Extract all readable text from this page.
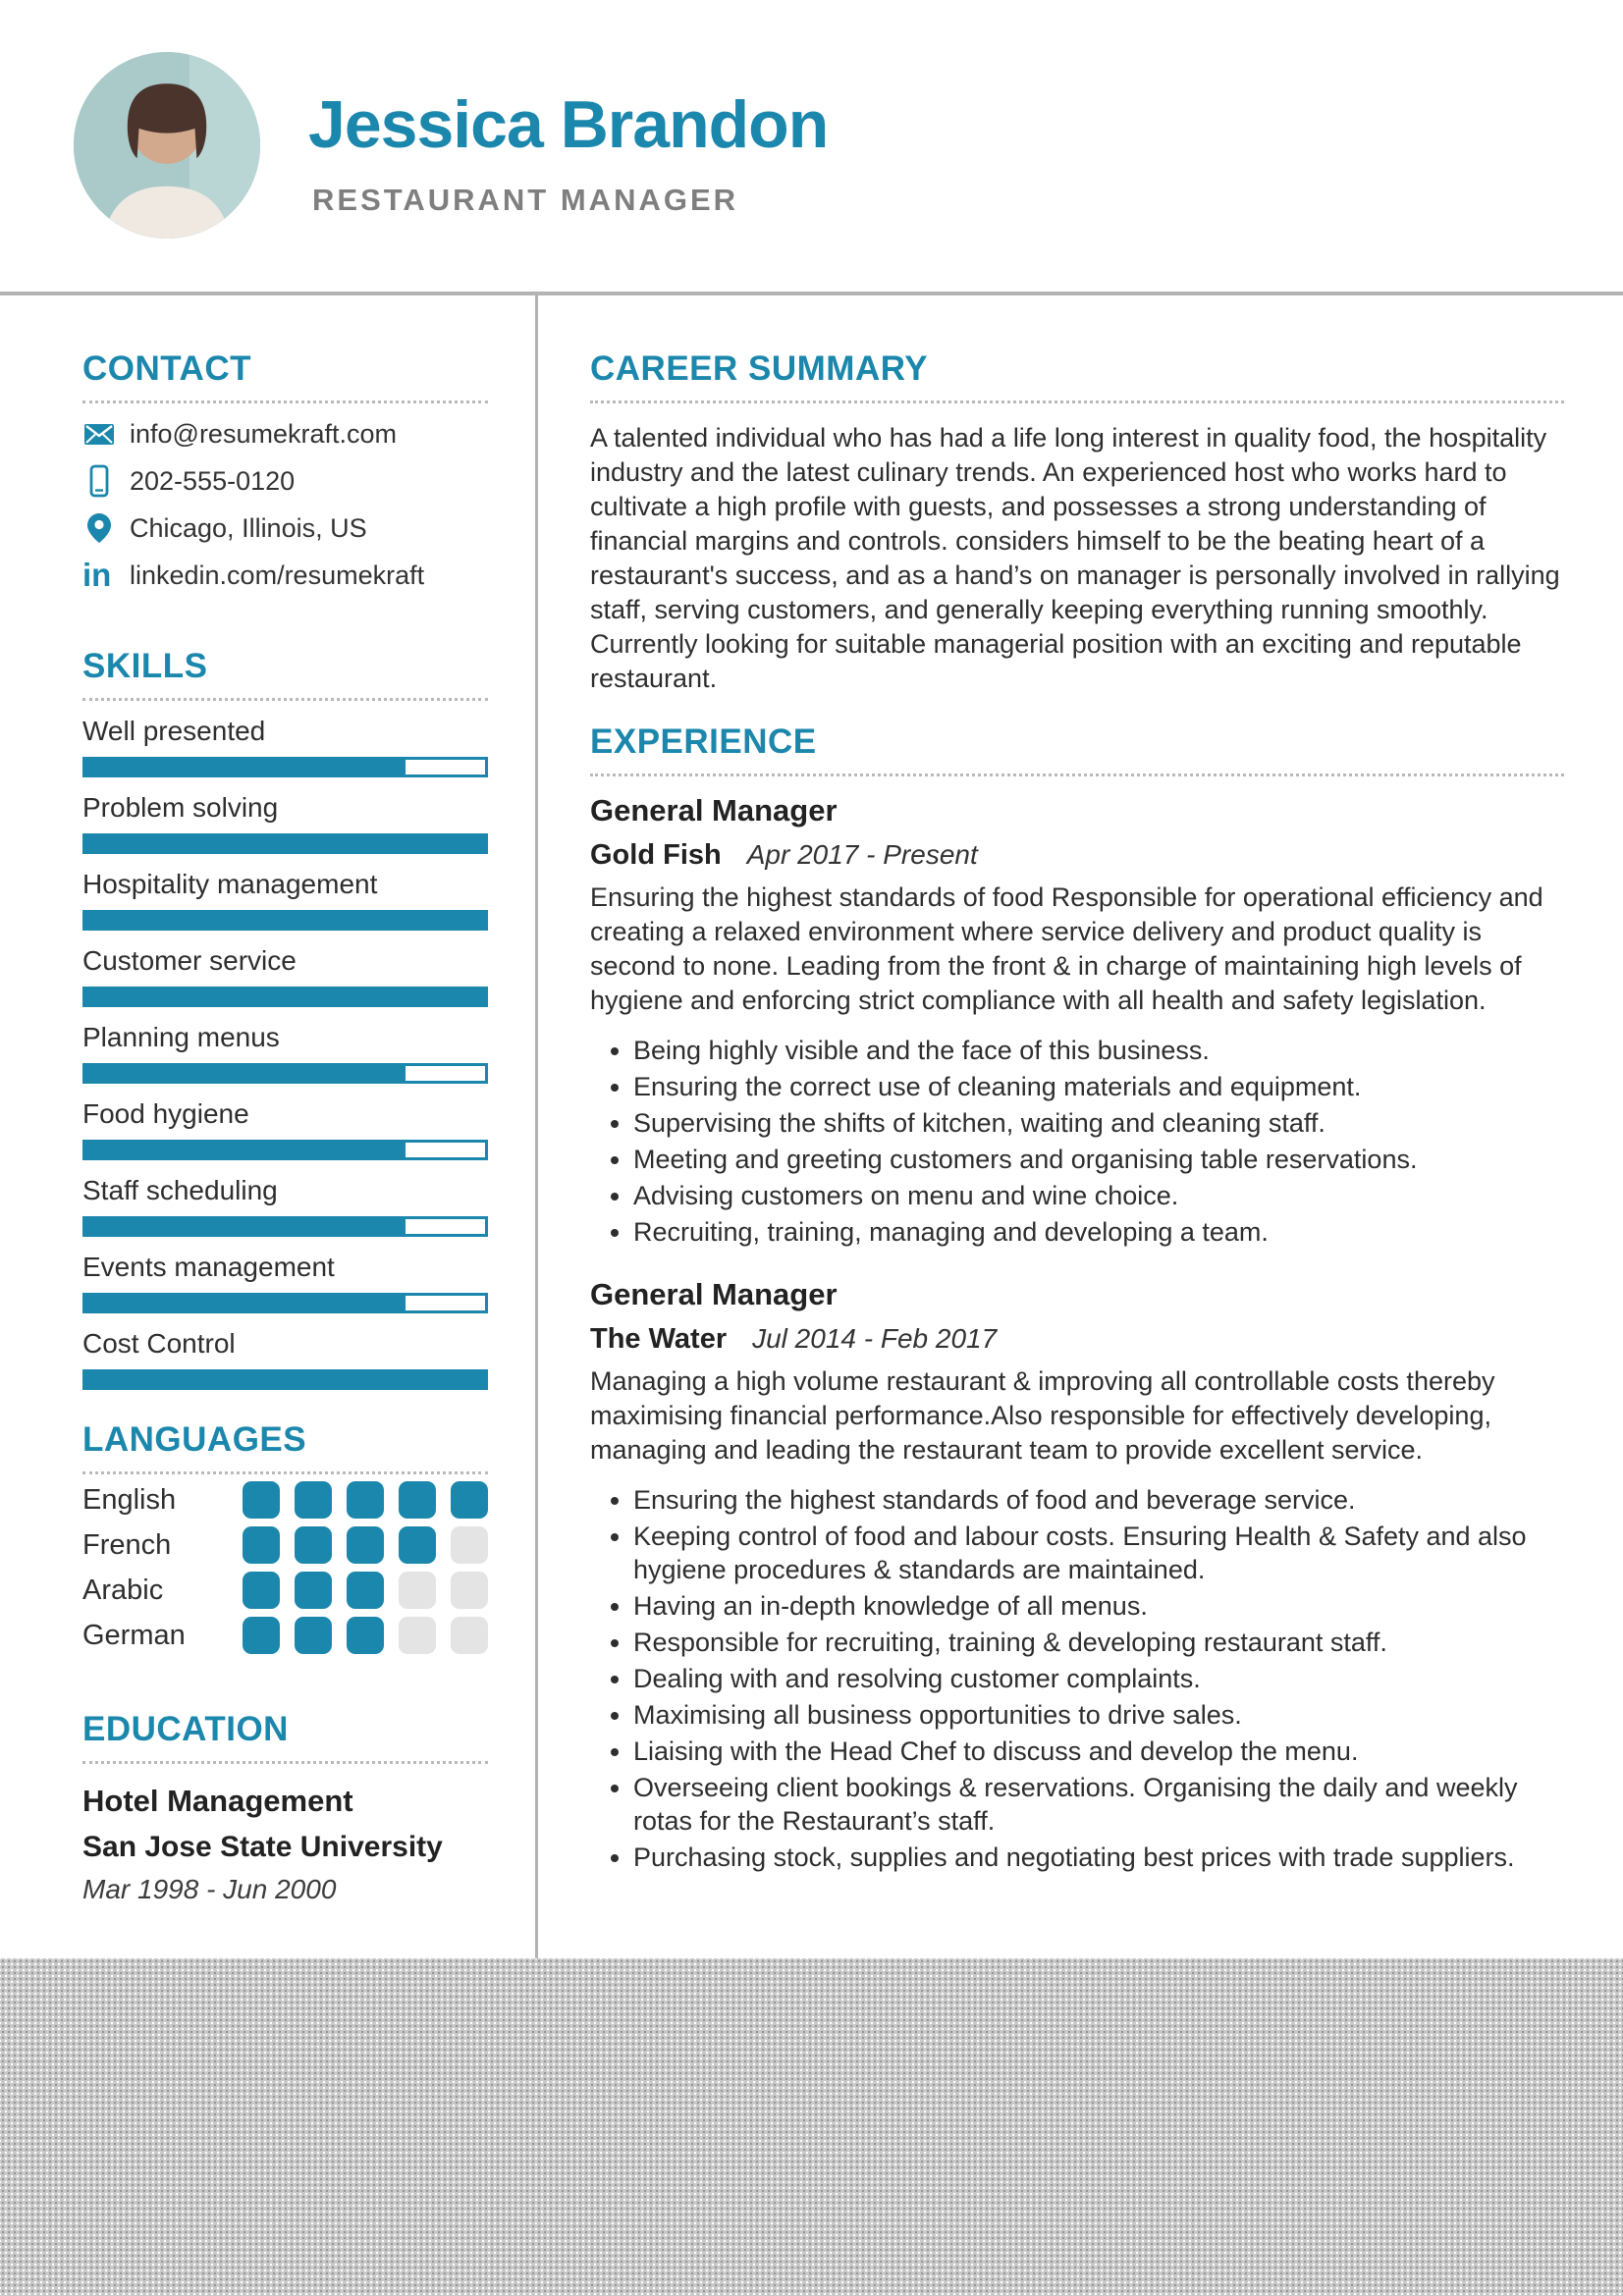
Jessica Brandon
RESTAURANT MANAGER
CONTACT
info@resumekraft.com
202-555-0120
Chicago, Illinois, US
in linkedin.com/resumekraft
SKILLS
Well presented
Problem solving
Hospitality management
Customer service
Planning menus
Food hygiene
Staff scheduling
Events management
Cost Control
LANGUAGES
English
French
Arabic
German
EDUCATION
Hotel Management
San Jose State University
Mar 1998 - Jun 2000
CAREER SUMMARY
A talented individual who has had a life long interest in quality food, the hospitality industry and the latest culinary trends. An experienced host who works hard to cultivate a high profile with guests, and possesses a strong understanding of financial margins and controls. considers himself to be the beating heart of a restaurant's success, and as a hand’s on manager is personally involved in rallying staff, serving customers, and generally keeping everything running smoothly. Currently looking for suitable managerial position with an exciting and reputable restaurant.
EXPERIENCE
General Manager
Gold Fish Apr 2017 - Present
Ensuring the highest standards of food Responsible for operational efficiency and creating a relaxed environment where service delivery and product quality is second to none. Leading from the front & in charge of maintaining high levels of hygiene and enforcing strict compliance with all health and safety legislation.
• Being highly visible and the face of this business.
• Ensuring the correct use of cleaning materials and equipment.
• Supervising the shifts of kitchen, waiting and cleaning staff.
• Meeting and greeting customers and organising table reservations.
• Advising customers on menu and wine choice.
• Recruiting, training, managing and developing a team.
General Manager
The Water Jul 2014 - Feb 2017
Managing a high volume restaurant & improving all controllable costs thereby maximising financial performance.Also responsible for effectively developing, managing and leading the restaurant team to provide excellent service.
• Ensuring the highest standards of food and beverage service.
• Keeping control of food and labour costs. Ensuring Health & Safety and also hygiene procedures & standards are maintained.
• Having an in-depth knowledge of all menus.
• Responsible for recruiting, training & developing restaurant staff.
• Dealing with and resolving customer complaints.
• Maximising all business opportunities to drive sales.
• Liaising with the Head Chef to discuss and develop the menu.
• Overseeing client bookings & reservations. Organising the daily and weekly rotas for the Restaurant’s staff.
• Purchasing stock, supplies and negotiating best prices with trade suppliers.
